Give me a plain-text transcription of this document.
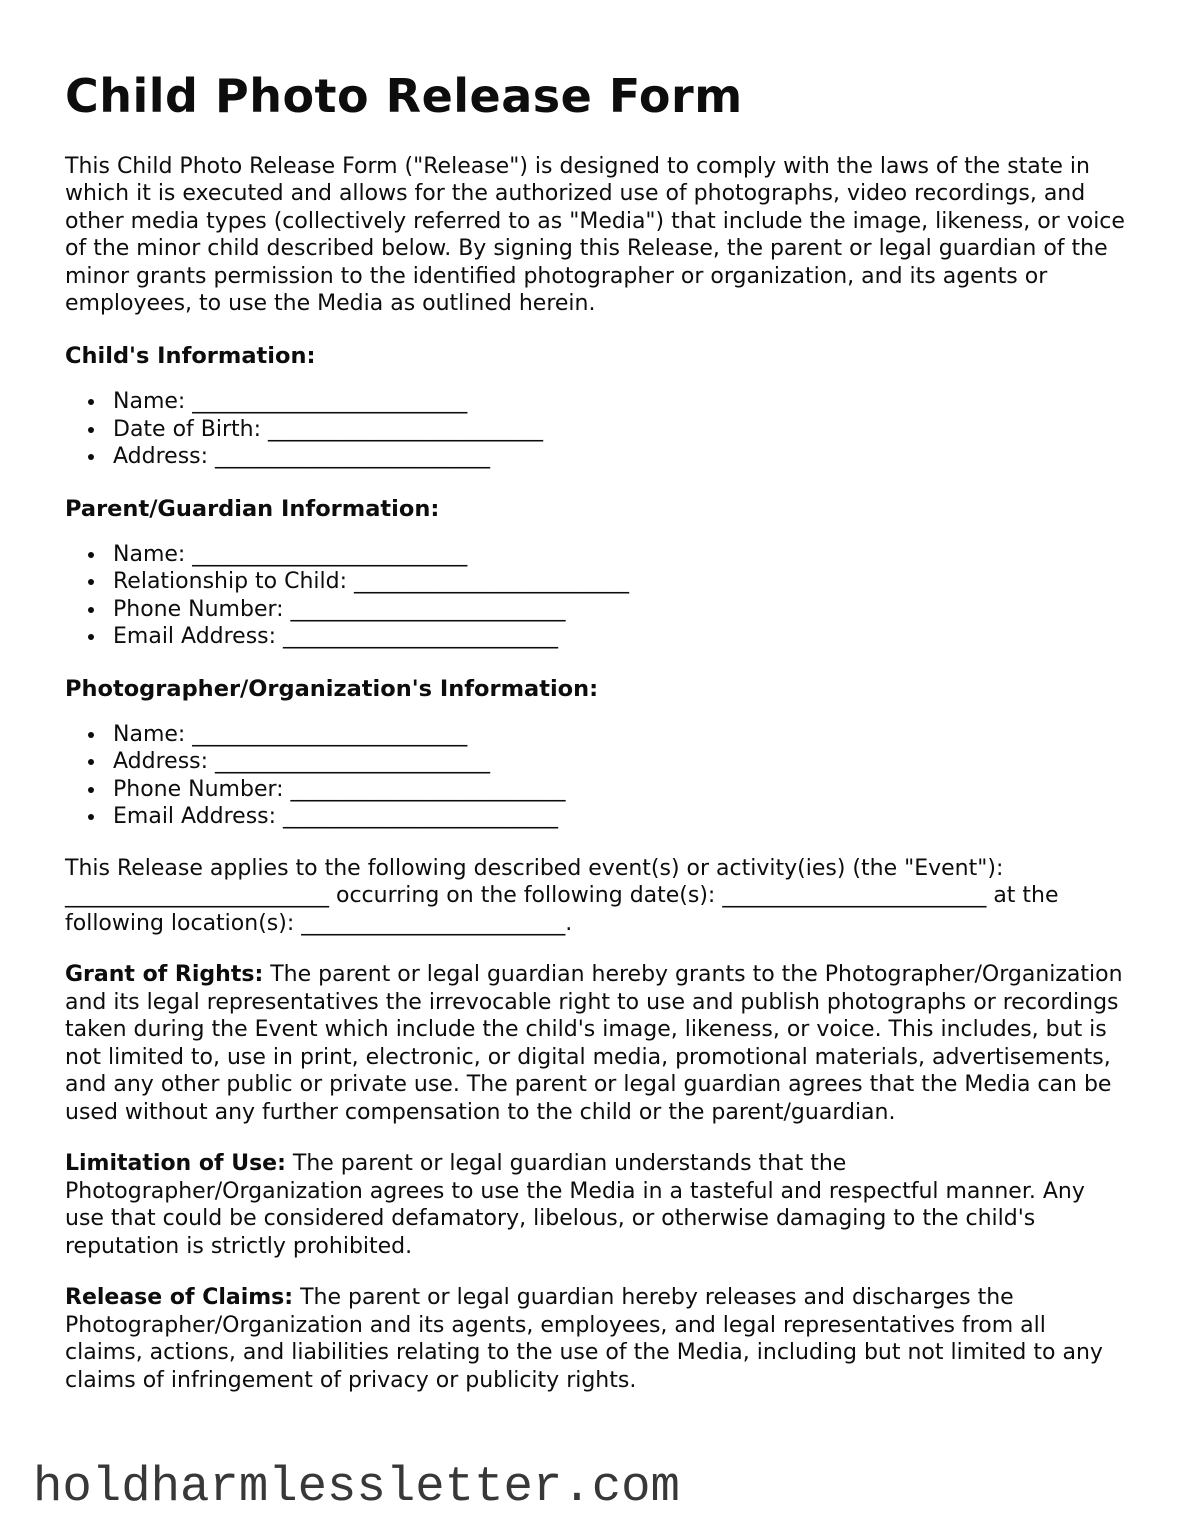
Child Photo Release Form

This Child Photo Release Form ("Release") is designed to comply with the laws of the state in which it is executed and allows for the authorized use of photographs, video recordings, and other media types (collectively referred to as "Media") that include the image, likeness, or voice of the minor child described below. By signing this Release, the parent or legal guardian of the minor grants permission to the identified photographer or organization, and its agents or employees, to use the Media as outlined herein.

Child's Information:
• Name: _________________________
• Date of Birth: _________________________
• Address: _________________________
Parent/Guardian Information:
• Name: _________________________
• Relationship to Child: _________________________
• Phone Number: _________________________
• Email Address: _________________________
Photographer/Organization's Information:
• Name: _________________________
• Address: _________________________
• Phone Number: _________________________
• Email Address: _________________________

This Release applies to the following described event(s) or activity(ies) (the "Event"): ________________________ occurring on the following date(s): ________________________ at the following location(s): ________________________.

Grant of Rights: The parent or legal guardian hereby grants to the Photographer/Organization and its legal representatives the irrevocable right to use and publish photographs or recordings taken during the Event which include the child's image, likeness, or voice. This includes, but is not limited to, use in print, electronic, or digital media, promotional materials, advertisements, and any other public or private use. The parent or legal guardian agrees that the Media can be used without any further compensation to the child or the parent/guardian.

Limitation of Use: The parent or legal guardian understands that the Photographer/Organization agrees to use the Media in a tasteful and respectful manner. Any use that could be considered defamatory, libelous, or otherwise damaging to the child's reputation is strictly prohibited.

Release of Claims: The parent or legal guardian hereby releases and discharges the Photographer/Organization and its agents, employees, and legal representatives from all claims, actions, and liabilities relating to the use of the Media, including but not limited to any claims of infringement of privacy or publicity rights.

holdharmlessletter.com
